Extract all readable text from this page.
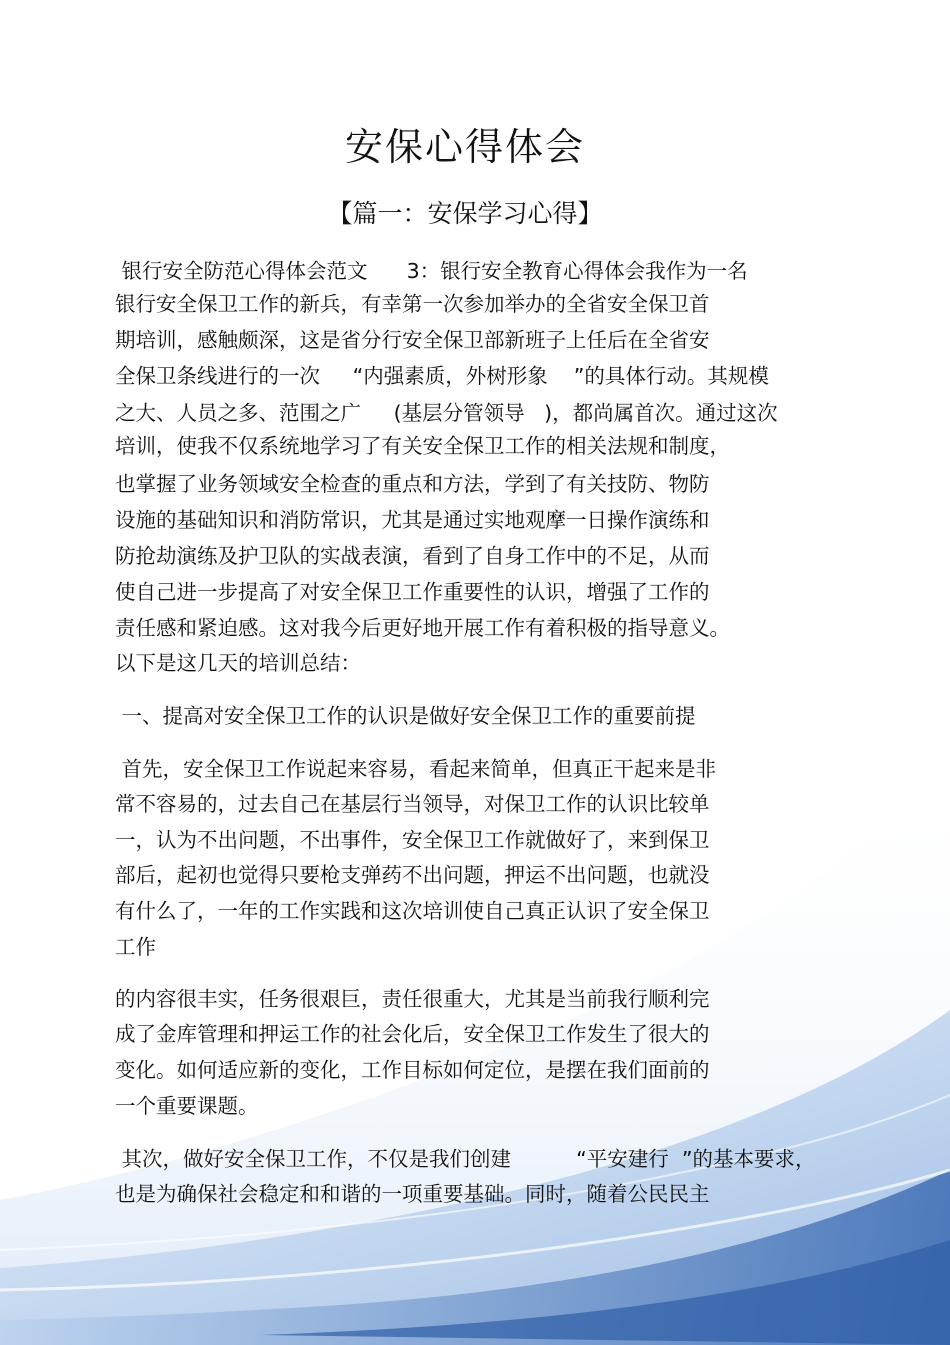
安保心得体会
【篇一：安保学习心得】
银行安全防范心得体会范文      3：银行安全教育心得体会我作为一名
银行安全保卫工作的新兵，有幸第一次参加举办的全省安全保卫首
期培训，感触颇深，这是省分行安全保卫部新班子上任后在全省安
全保卫条线进行的一次     “内强素质，外树形象    ”的具体行动。其规模
之大、人员之多、范围之广     (基层分管领导   )，都尚属首次。通过这次
培训，使我不仅系统地学习了有关安全保卫工作的相关法规和制度，
也掌握了业务领域安全检查的重点和方法，学到了有关技防、物防
设施的基础知识和消防常识，尤其是通过实地观摩一日操作演练和
防抢劫演练及护卫队的实战表演，看到了自身工作中的不足，从而
使自己进一步提高了对安全保卫工作重要性的认识，增强了工作的
责任感和紧迫感。这对我今后更好地开展工作有着积极的指导意义。
以下是这几天的培训总结：
一、提高对安全保卫工作的认识是做好安全保卫工作的重要前提
首先，安全保卫工作说起来容易，看起来简单，但真正干起来是非
常不容易的，过去自己在基层行当领导，对保卫工作的认识比较单
一，认为不出问题，不出事件，安全保卫工作就做好了，来到保卫
部后，起初也觉得只要枪支弹药不出问题，押运不出问题，也就没
有什么了，一年的工作实践和这次培训使自己真正认识了安全保卫
工作
的内容很丰实，任务很艰巨，责任很重大，尤其是当前我行顺利完
成了金库管理和押运工作的社会化后，安全保卫工作发生了很大的
变化。如何适应新的变化，工作目标如何定位，是摆在我们面前的
一个重要课题。
其次，做好安全保卫工作，不仅是我们创建          “平安建行  ”的基本要求，
也是为确保社会稳定和和谐的一项重要基础。同时，随着公民民主
